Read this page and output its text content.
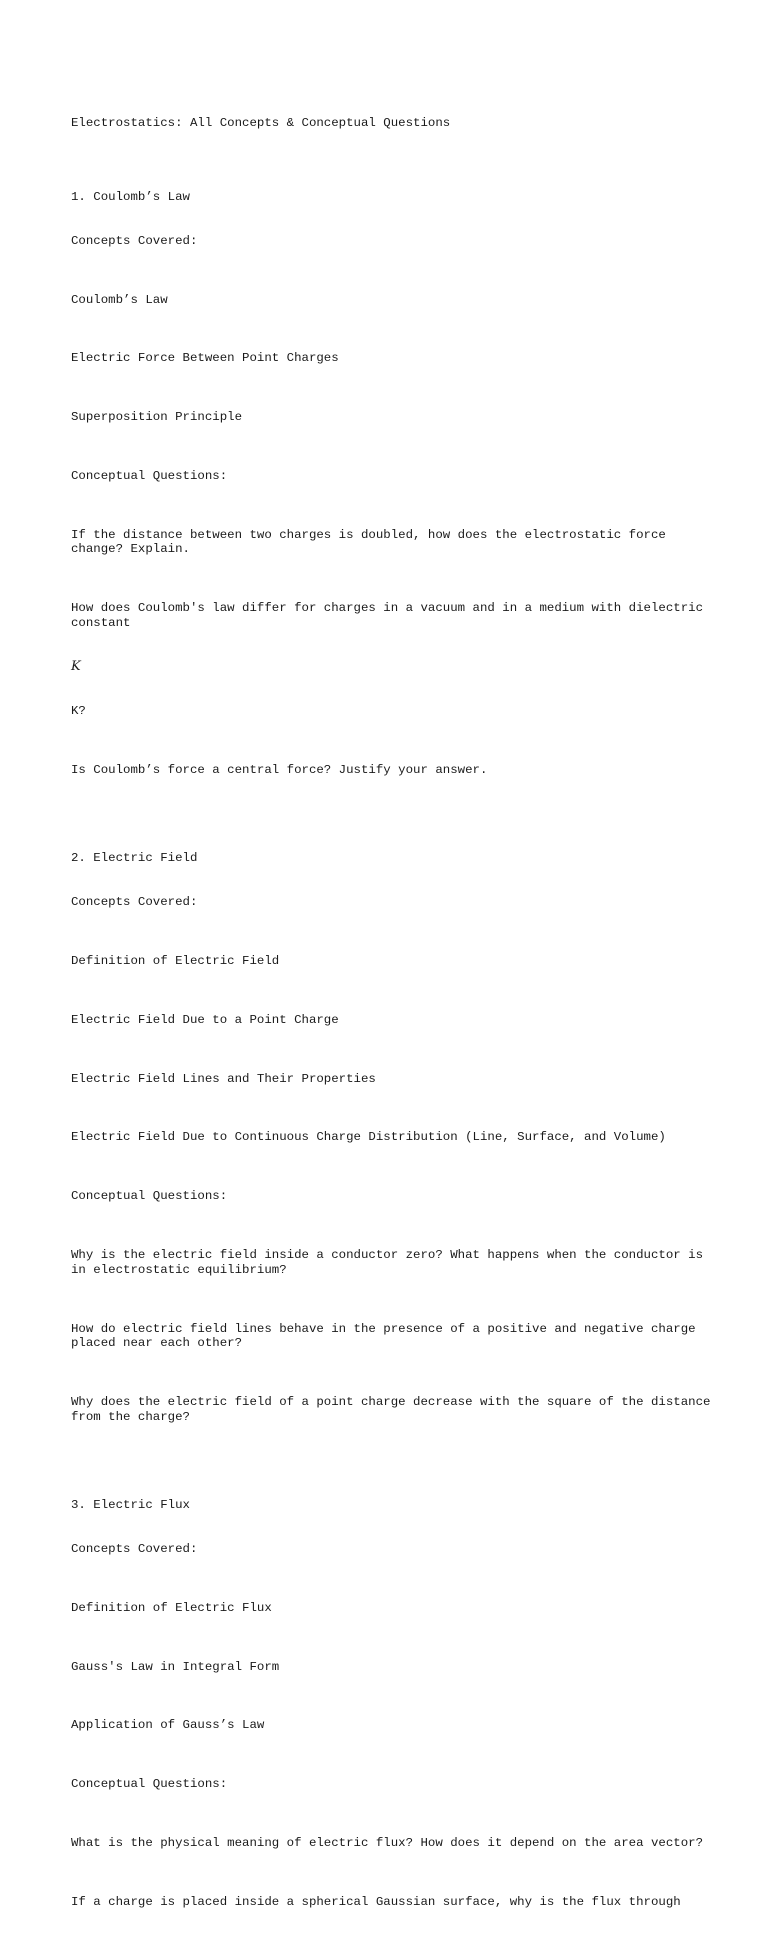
Electrostatics: All Concepts & Conceptual Questions

1. Coulomb’s Law

Concepts Covered:

Coulomb’s Law

Electric Force Between Point Charges

Superposition Principle

Conceptual Questions:

If the distance between two charges is doubled, how does the electrostatic force change? Explain.

How does Coulomb's law differ for charges in a vacuum and in a medium with dielectric constant

K

K?

Is Coulomb’s force a central force? Justify your answer.

2. Electric Field

Concepts Covered:

Definition of Electric Field

Electric Field Due to a Point Charge

Electric Field Lines and Their Properties

Electric Field Due to Continuous Charge Distribution (Line, Surface, and Volume)

Conceptual Questions:

Why is the electric field inside a conductor zero? What happens when the conductor is in electrostatic equilibrium?

How do electric field lines behave in the presence of a positive and negative charge placed near each other?

Why does the electric field of a point charge decrease with the square of the distance from the charge?

3. Electric Flux

Concepts Covered:

Definition of Electric Flux

Gauss's Law in Integral Form

Application of Gauss’s Law

Conceptual Questions:

What is the physical meaning of electric flux? How does it depend on the area vector?

If a charge is placed inside a spherical Gaussian surface, why is the flux through
